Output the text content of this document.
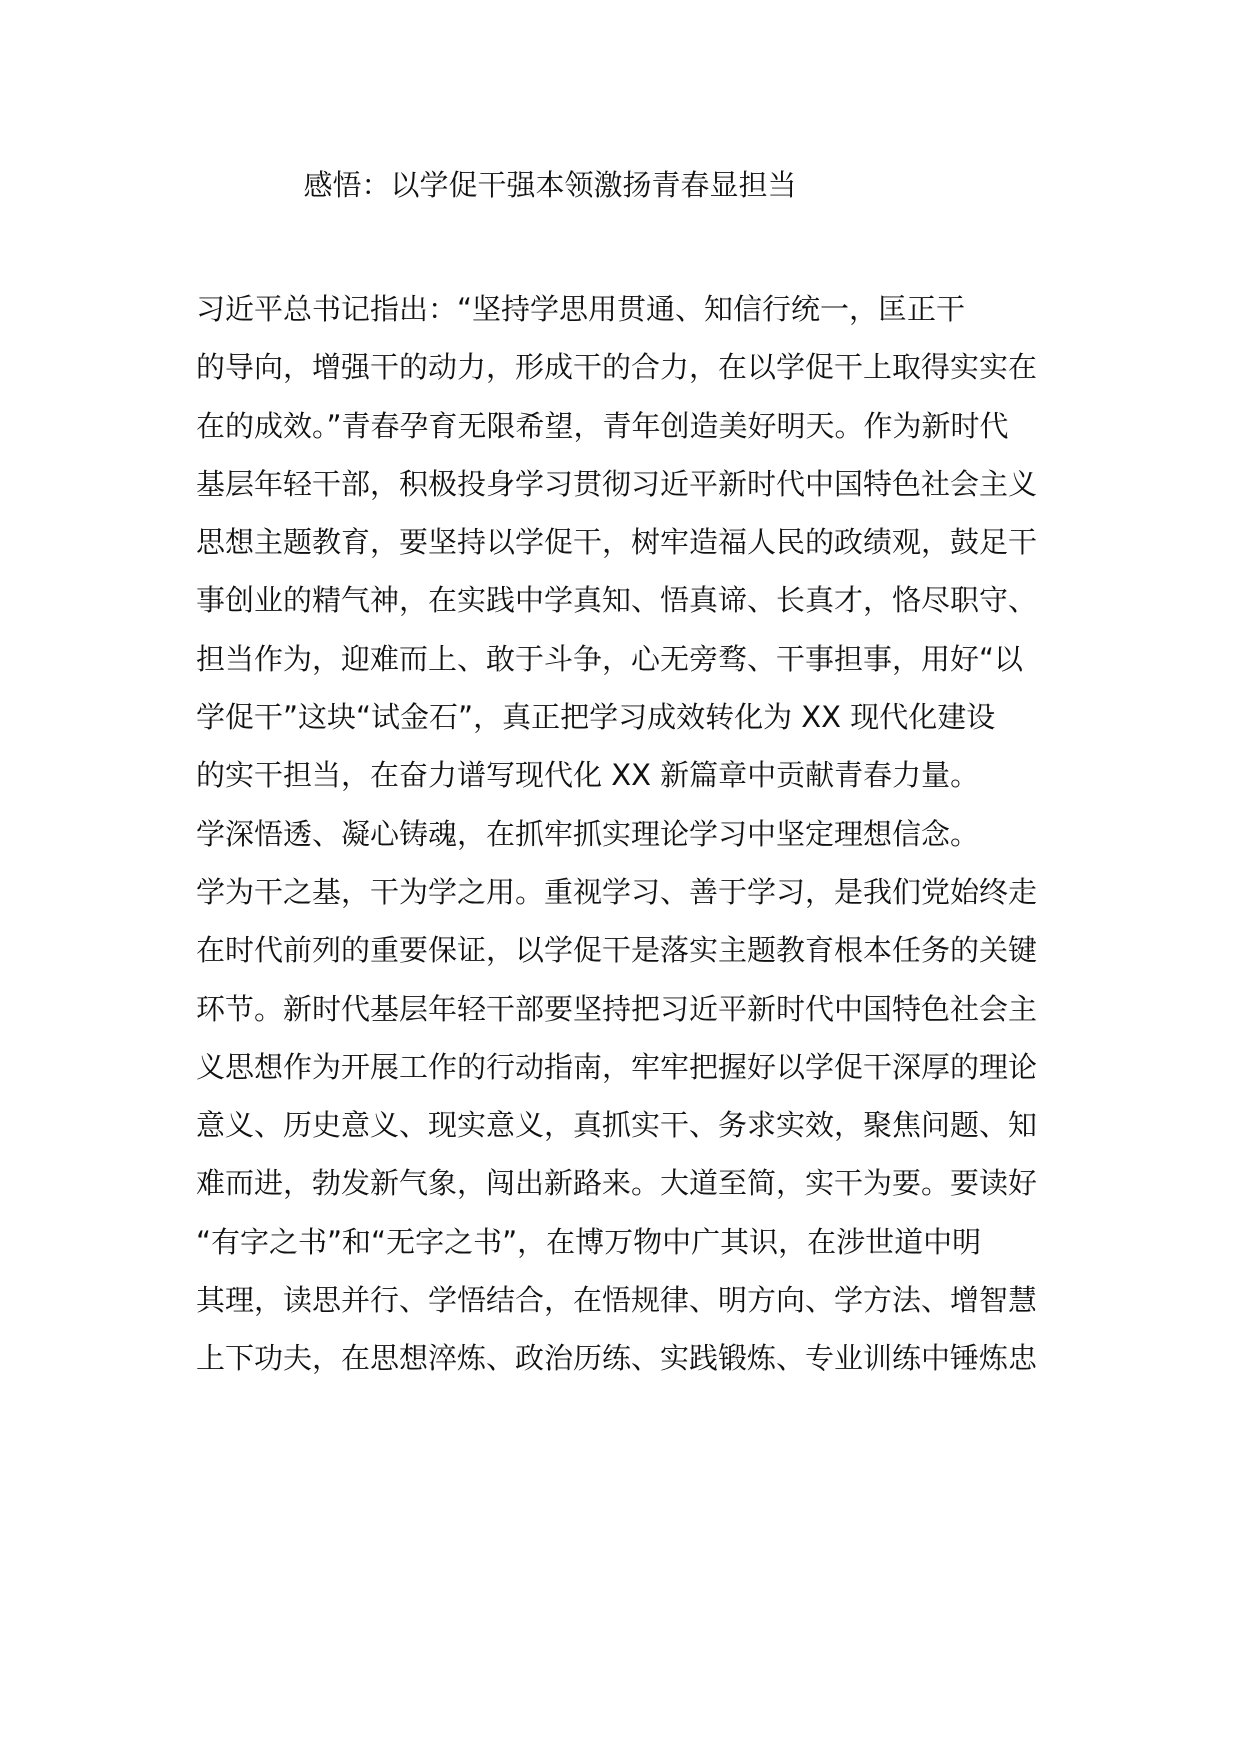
感悟：以学促干强本领激扬青春显担当

习近平总书记指出：“坚持学思用贯通、知信行统一，匡正干
的导向，增强干的动力，形成干的合力，在以学促干上取得实实在
在的成效。”青春孕育无限希望，青年创造美好明天。作为新时代
基层年轻干部，积极投身学习贯彻习近平新时代中国特色社会主义
思想主题教育，要坚持以学促干，树牢造福人民的政绩观，鼓足干
事创业的精气神，在实践中学真知、悟真谛、长真才，恪尽职守、
担当作为，迎难而上、敢于斗争，心无旁骛、干事担事，用好“以
学促干”这块“试金石”，真正把学习成效转化为 XX 现代化建设
的实干担当，在奋力谱写现代化 XX 新篇章中贡献青春力量。

学深悟透、凝心铸魂，在抓牢抓实理论学习中坚定理想信念。
学为干之基，干为学之用。重视学习、善于学习，是我们党始终走
在时代前列的重要保证，以学促干是落实主题教育根本任务的关键
环节。新时代基层年轻干部要坚持把习近平新时代中国特色社会主
义思想作为开展工作的行动指南，牢牢把握好以学促干深厚的理论
意义、历史意义、现实意义，真抓实干、务求实效，聚焦问题、知
难而进，勃发新气象，闯出新路来。大道至简，实干为要。要读好
“有字之书”和“无字之书”，在博万物中广其识，在涉世道中明
其理，读思并行、学悟结合，在悟规律、明方向、学方法、增智慧
上下功夫，在思想淬炼、政治历练、实践锻炼、专业训练中锤炼忠
